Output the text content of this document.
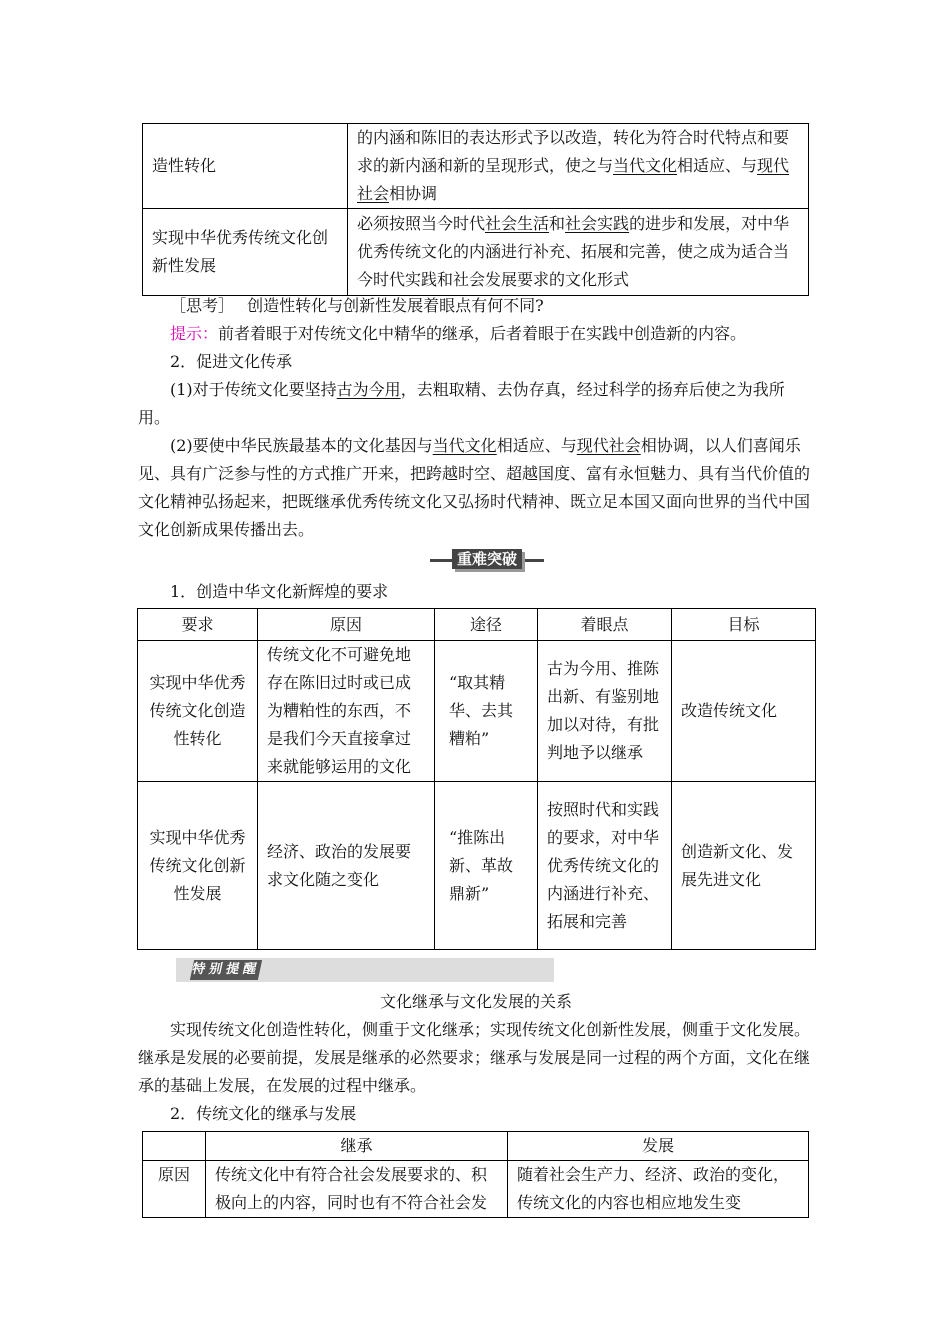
造性转化	的内涵和陈旧的表达形式予以改造，转化为符合时代特点和要求的新内涵和新的呈现形式，使之与当代文化相适应、与现代社会相协调
实现中华优秀传统文化创新性发展	必须按照当今时代社会生活和社会实践的进步和发展，对中华优秀传统文化的内涵进行补充、拓展和完善，使之成为适合当今时代实践和社会发展要求的文化形式
［思考］ 创造性转化与创新性发展着眼点有何不同?
提示：前者着眼于对传统文化中精华的继承，后者着眼于在实践中创造新的内容。
2．促进文化传承
(1)对于传统文化要坚持古为今用，去粗取精、去伪存真，经过科学的扬弃后使之为我所用。
(2)要使中华民族最基本的文化基因与当代文化相适应、与现代社会相协调，以人们喜闻乐见、具有广泛参与性的方式推广开来，把跨越时空、超越国度、富有永恒魅力、具有当代价值的文化精神弘扬起来，把既继承优秀传统文化又弘扬时代精神、既立足本国又面向世界的当代中国文化创新成果传播出去。
重难突破
1．创造中华文化新辉煌的要求
要求	原因	途径	着眼点	目标
实现中华优秀传统文化创造性转化	传统文化不可避免地存在陈旧过时或已成为糟粕性的东西，不是我们今天直接拿过来就能够运用的文化	“取其精华、去其糟粕”	古为今用、推陈出新、有鉴别地加以对待，有批判地予以继承	改造传统文化
实现中华优秀传统文化创新性发展	经济、政治的发展要求文化随之变化	“推陈出新、革故鼎新”	按照时代和实践的要求，对中华优秀传统文化的内涵进行补充、拓展和完善	创造新文化、发展先进文化
特别提醒
文化继承与文化发展的关系
实现传统文化创造性转化，侧重于文化继承；实现传统文化创新性发展，侧重于文化发展。继承是发展的必要前提，发展是继承的必然要求；继承与发展是同一过程的两个方面，文化在继承的基础上发展，在发展的过程中继承。
2．传统文化的继承与发展
	继承	发展
原因	传统文化中有符合社会发展要求的、积极向上的内容，同时也有不符合社会发	随着社会生产力、经济、政治的变化，传统文化的内容也相应地发生变
